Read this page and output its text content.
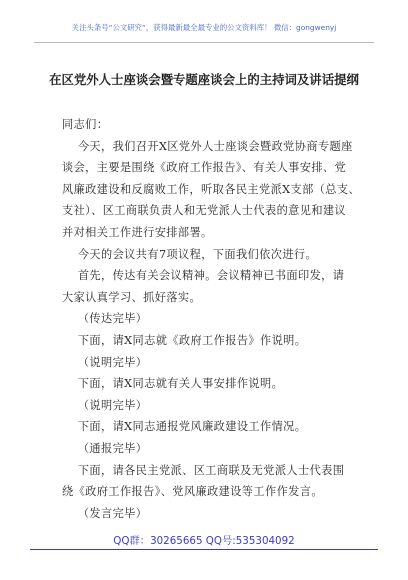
关注头条号“公文研究”，获得最新最全最专业的公文资料库！ 微信：gongwenyj
在区党外人士座谈会暨专题座谈会上的主持词及讲话提纲
同志们：
今天，我们召开X区党外人士座谈会暨政党协商专题座
谈会，主要是围绕《政府工作报告》、有关人事安排、党
风廉政建设和反腐败工作，听取各民主党派X支部（总支、
支社）、区工商联负责人和无党派人士代表的意见和建议
并对相关工作进行安排部署。
今天的会议共有7项议程，下面我们依次进行。
首先，传达有关会议精神。会议精神已书面印发，请
大家认真学习、抓好落实。
（传达完毕）
下面，请X同志就《政府工作报告》作说明。
（说明完毕）
下面，请X同志就有关人事安排作说明。
（说明完毕）
下面，请X同志通报党风廉政建设工作情况。
（通报完毕）
下面，请各民主党派、区工商联及无党派人士代表围
绕《政府工作报告》、党风廉政建设等工作作发言。
（发言完毕）
QQ群：30265665 QQ号:535304092
